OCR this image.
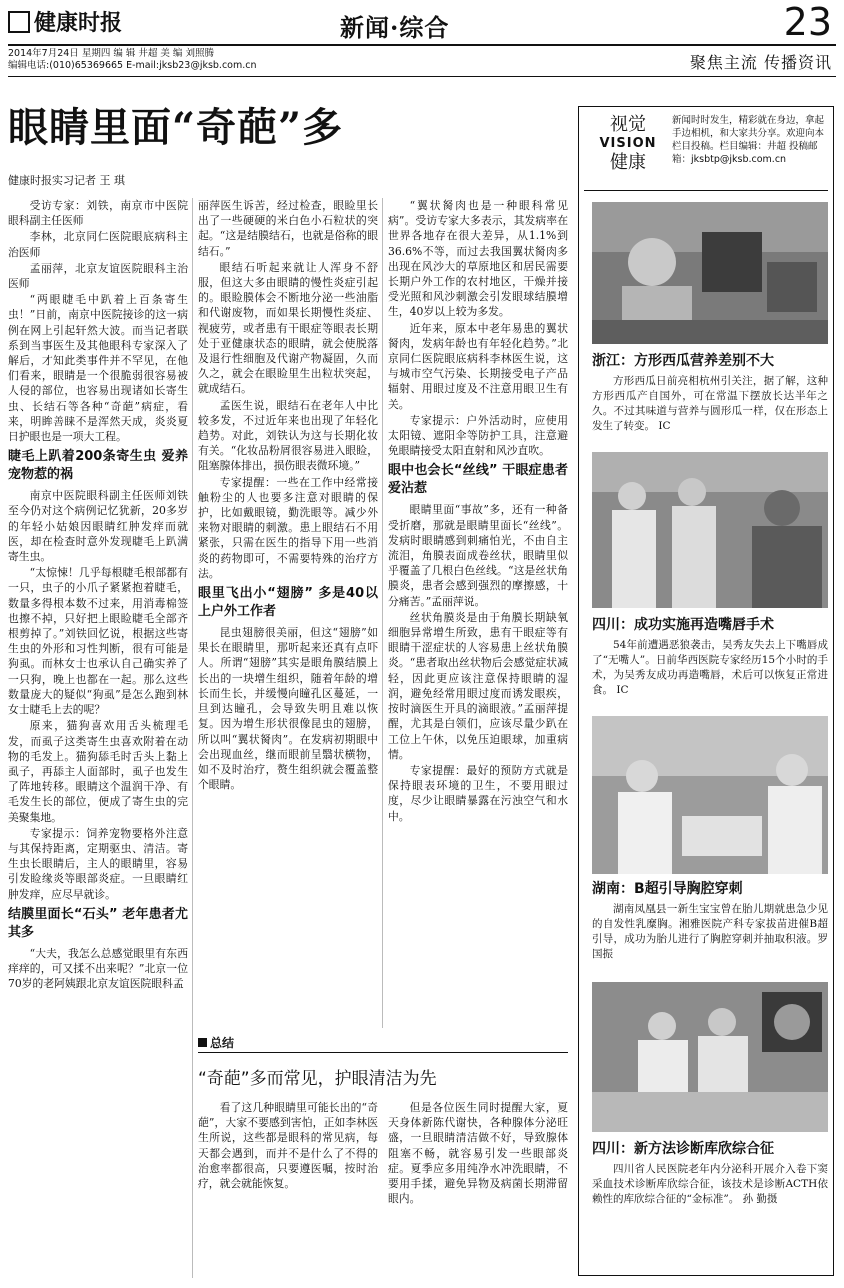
健康时报	新闻·综合	23
2014年7月24日 星期四 编 辑 井超 美 编 刘照腾
编辑电话:(010)65369665 E-mail:jksb23@jksb.com.cn	聚焦主流 传播资讯
眼睛里面“奇葩”多
健康时报实习记者 王 琪

受访专家：刘铁，南京市中医院眼科副主任医师

李林，北京同仁医院眼底病科主治医师

孟丽萍，北京友谊医院眼科主治医师

“两眼睫毛中趴着上百条寄生虫！”日前，南京中医院接诊的这一病例在网上引起轩然大波。而当记者联系到当事医生及其他眼科专家深入了解后，才知此类事件并不罕见，在他们看来，眼睛是一个很脆弱很容易被人侵的部位，也容易出现诸如长寄生虫、长结石等各种“奇葩”病症，看来，明眸善睐不是浑然天成，炎炎夏日护眼也是一项大工程。

睫毛上趴着200条寄生虫 爱养宠物惹的祸

南京中医院眼科副主任医师刘铁至今仍对这个病例记忆犹新，20多岁的年轻小姑娘因眼睛红肿发痒而就医，却在检查时意外发现睫毛上趴满寄生虫。

“太惊悚！几乎每根睫毛根部都有一只，虫子的小爪子紧紧抱着睫毛，数量多得根本数不过来，用消毒棉签也擦不掉，只好把上眼睑睫毛全部齐根剪掉了。”刘铁回忆说，根据这些寄生虫的外形和习性判断，很有可能是狗虱。而林女士也承认自己确实养了一只狗，晚上也都在一起。那么这些数量庞大的疑似“狗虱”是怎么跑到林女士睫毛上去的呢？

原来，猫狗喜欢用舌头梳理毛发，而虱子这类寄生虫喜欢附着在动物的毛发上。猫狗舔毛时舌头上黏上虱子，再舔主人面部时，虱子也发生了阵地转移。眼睛这个温润干净、有毛发生长的部位，便成了寄生虫的完美聚集地。

专家提示：饲养宠物要格外注意与其保持距离，定期驱虫、清洁。寄生虫长眼睛后，主人的眼睛里，容易引发睑缘炎等眼部炎症。一旦眼睛红肿发痒，应尽早就诊。

结膜里面长“石头” 老年患者尤其多

“大夫，我怎么总感觉眼里有东西痒痒的，可又揉不出来呢？”北京一位70岁的老阿姨跟北京友谊医院眼科孟

丽萍医生诉苦，经过检查，眼睑里长出了一些硬硬的米白色小石粒状的突起。“这是结膜结石，也就是俗称的眼结石。”

眼结石听起来就让人浑身不舒服，但这大多由眼睛的慢性炎症引起的。眼睑膜体会不断地分泌一些油脂和代谢废物，而如果长期慢性炎症、视疲劳，或者患有干眼症等眼表长期处于亚健康状态的眼睛，就会使脱落及退行性细胞及代谢产物凝固，久而久之，就会在眼睑里生出粒状突起，就成结石。

孟医生说，眼结石在老年人中比较多发，不过近年来也出现了年轻化趋势。对此，刘铁认为这与长期化妆有关。“化妆品粉屑很容易进入眼睑，阻塞腺体排出，损伤眼表微环境。”

专家提醒：一些在工作中经常接触粉尘的人也要多注意对眼睛的保护，比如戴眼镜，勤洗眼等。减少外来物对眼睛的刺激。患上眼结石不用紧张，只需在医生的指导下用一些消炎的药物即可，不需要特殊的治疗方法。

眼里飞出小“翅膀” 多是40以上户外工作者

昆虫翅膀很美丽，但这“翅膀”如果长在眼睛里，那听起来还真有点吓人。所谓“翅膀”其实是眼角膜结膜上长出的一块增生组织，随着年龄的增长而生长，并缓慢向瞳孔区蔓延，一旦到达瞳孔，会导致失明且难以恢复。因为增生形状很像昆虫的翅膀，所以叫“翼状胬肉”。在发病初期眼中会出现血丝，继而眼前呈翳状横物，如不及时治疗，赘生组织就会覆盖整个眼睛。

“翼状胬肉也是一种眼科常见病”。受访专家大多表示，其发病率在世界各地存在很大差异，从1.1%到36.6%不等，而过去我国翼状胬肉多出现在风沙大的草原地区和居民需要长期户外工作的农村地区，干燥并接受光照和风沙刺激会引发眼球结膜增生，40岁以上较为多发。

近年来，原本中老年易患的翼状胬肉，发病年龄也有年轻化趋势。”北京同仁医院眼底病科李林医生说，这与城市空气污染、长期接受电子产品辐射、用眼过度及不注意用眼卫生有关。

专家提示：户外活动时，应使用太阳镜、遮阳伞等防护工具，注意避免眼睛接受太阳直射和风沙直吹。

眼中也会长“丝线” 干眼症患者爱沾惹

眼睛里面“事故”多，还有一种备受折磨，那就是眼睛里面长“丝线”。发病时眼睛感到刺痛怕光，不由自主流泪，角膜表面成卷丝状，眼睛里似乎覆盖了几根白色丝线。“这是丝状角膜炎，患者会感到强烈的摩擦感，十分痛苦。”孟丽萍说。

丝状角膜炎是由于角膜长期缺氧细胞异常增生所致，患有干眼症等有眼睛干涩症状的人容易患上丝状角膜炎。“患者取出丝状物后会感觉症状减轻，因此更应该注意保持眼睛的湿润，避免经常用眼过度而诱发眼疾，按时滴医生开具的滴眼液。”孟丽萍提醒，尤其是白领们，应该尽量少趴在工位上午休，以免压迫眼球，加重病情。

专家提醒：最好的预防方式就是保持眼表环境的卫生，不要用眼过度，尽少让眼睛暴露在污浊空气和水中。

总结
“奇葩”多而常见，护眼清洁为先

看了这几种眼睛里可能长出的“奇葩”，大家不要感到害怕，正如李林医生所说，这些都是眼科的常见病，每天都会遇到，而并不是什么了不得的治愈率都很高，只要遵医嘱，按时治疗，就会就能恢复。

但是各位医生同时提醒大家，夏天身体新陈代谢快，各种腺体分泌旺盛，一旦眼睛清洁做不好，导致腺体阻塞不畅，就容易引发一些眼部炎症。夏季应多用纯净水冲洗眼睛，不要用手揉，避免异物及病菌长期滞留眼内。

视觉
VISION
健康
新闻时时发生，精彩就在身边，拿起手边相机，和大家共分享。欢迎向本栏目投稿。栏目编辑：井超 投稿邮箱：jksbtp@jksb.com.cn
浙江：方形西瓜营养差别不大
方形西瓜日前亮相杭州引关注，据了解，这种方形西瓜产自国外，可在常温下摆放长达半年之久。不过其味道与营养与圆形瓜一样，仅在形态上发生了转变。 IC
四川：成功实施再造嘴唇手术
54年前遭遇恶狼袭击，吴秀友失去上下嘴唇成了“无嘴人”。日前华西医院专家经历15个小时的手术，为吴秀友成功再造嘴唇，术后可以恢复正常进食。 IC
湖南：B超引导胸腔穿刺
湖南凤凰县一新生宝宝曾在胎儿期就患急少见的自发性乳糜胸。湘雅医院产科专家拔苗进催B超引导，成功为胎儿进行了胸腔穿刺并抽取积液。罗国振
四川：新方法诊断库欣综合征
四川省人民医院老年内分泌科开展介入卷下窦采血技术诊断库欣综合征，该技术是诊断ACTH依赖性的库欣综合征的“金标准”。 孙 勤摄
